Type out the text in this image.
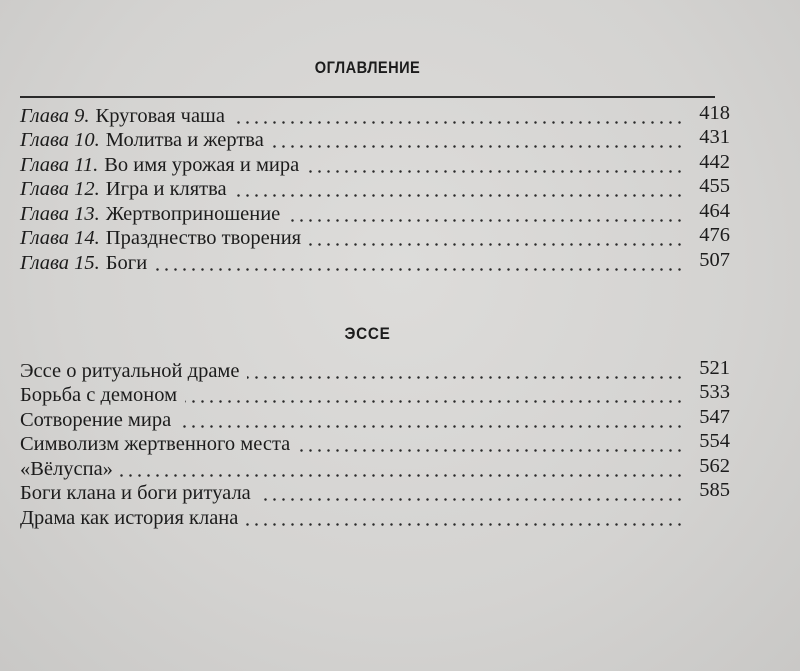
ОГЛАВЛЕНИЕ
Глава 9. Круговая чаша	418
Глава 10. Молитва и жертва	431
Глава 11. Во имя урожая и мира	442
Глава 12. Игра и клятва	455
Глава 13. Жертвоприношение	464
Глава 14. Празднество творения	476
Глава 15. Боги	507
ЭССЕ
Эссе о ритуальной драме	521
Борьба с демоном	533
Сотворение мира	547
Символизм жертвенного места	554
«Вёлуспа»	562
Боги клана и боги ритуала	585
Драма как история клана
